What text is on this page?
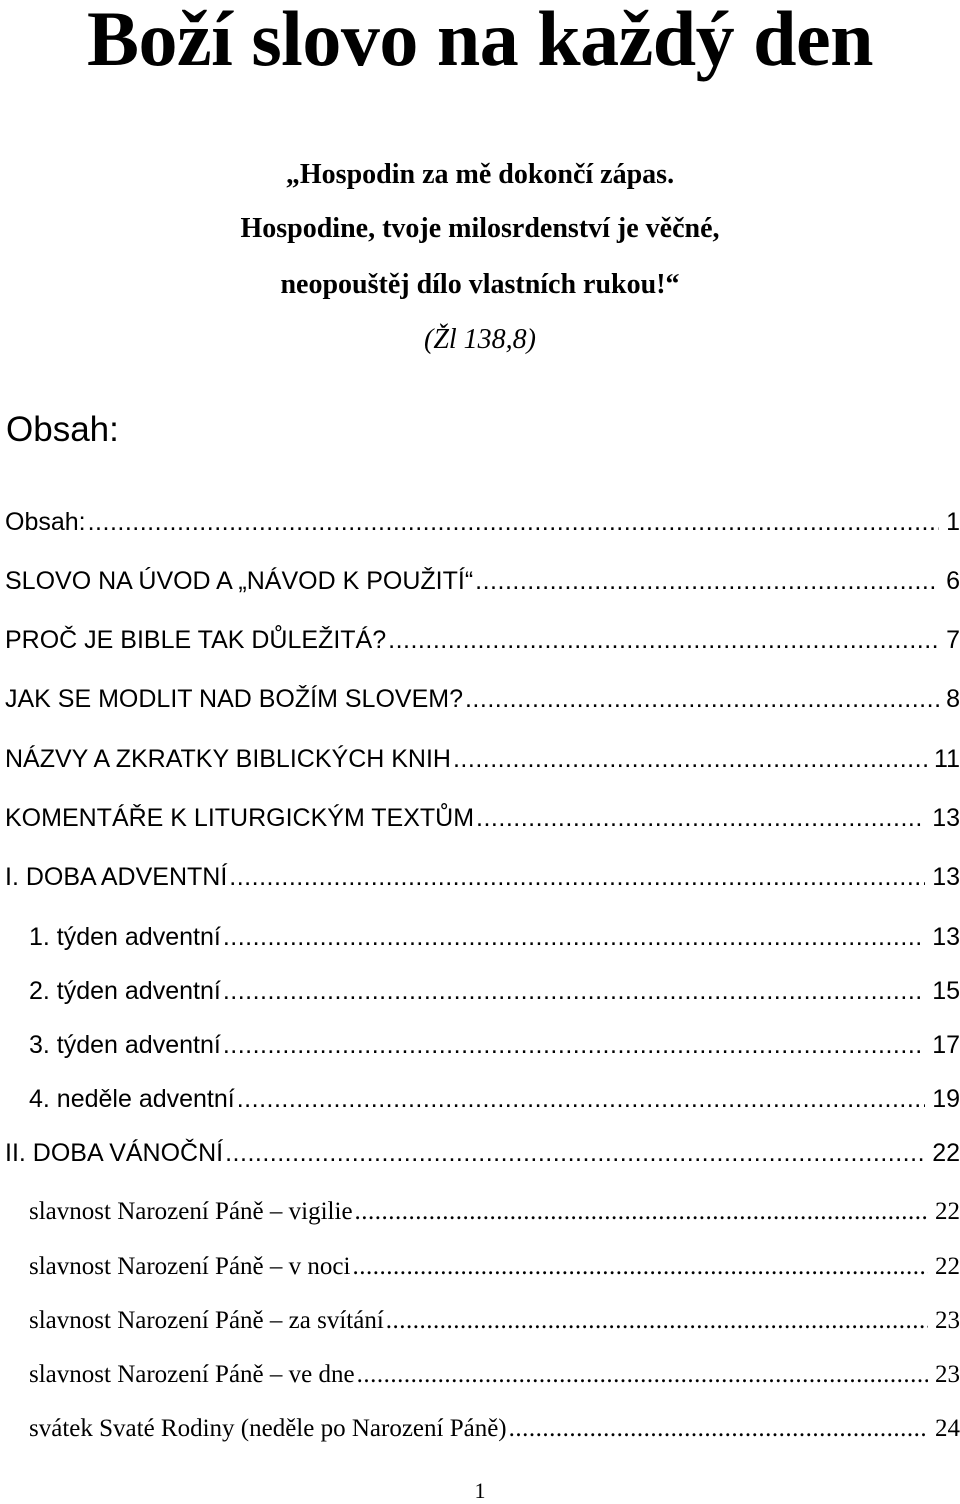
Boží slovo na každý den
„Hospodin za mě dokončí zápas.
Hospodine, tvoje milosrdenství je věčné,
neopouštěj dílo vlastních rukou!“
(Žl 138,8)
Obsah:
Obsah: .....	1
SLOVO NA ÚVOD A „NÁVOD K POUŽITÍ“ .....	6
PROČ JE BIBLE TAK DŮLEŽITÁ? .....	7
JAK SE MODLIT NAD BOŽÍM SLOVEM? .....	8
NÁZVY A ZKRATKY BIBLICKÝCH KNIH .....	11
KOMENTÁŘE K LITURGICKÝM TEXTŮM .....	13
I. DOBA ADVENTNÍ .....	13
1. týden adventní .....	13
2. týden adventní .....	15
3. týden adventní .....	17
4. neděle adventní .....	19
II. DOBA VÁNOČNÍ .....	22
slavnost Narození Páně – vigilie .....	22
slavnost Narození Páně – v noci .....	22
slavnost Narození Páně – za svítání .....	23
slavnost Narození Páně – ve dne .....	23
svátek Svaté Rodiny (neděle po Narození Páně) .....	24
1
